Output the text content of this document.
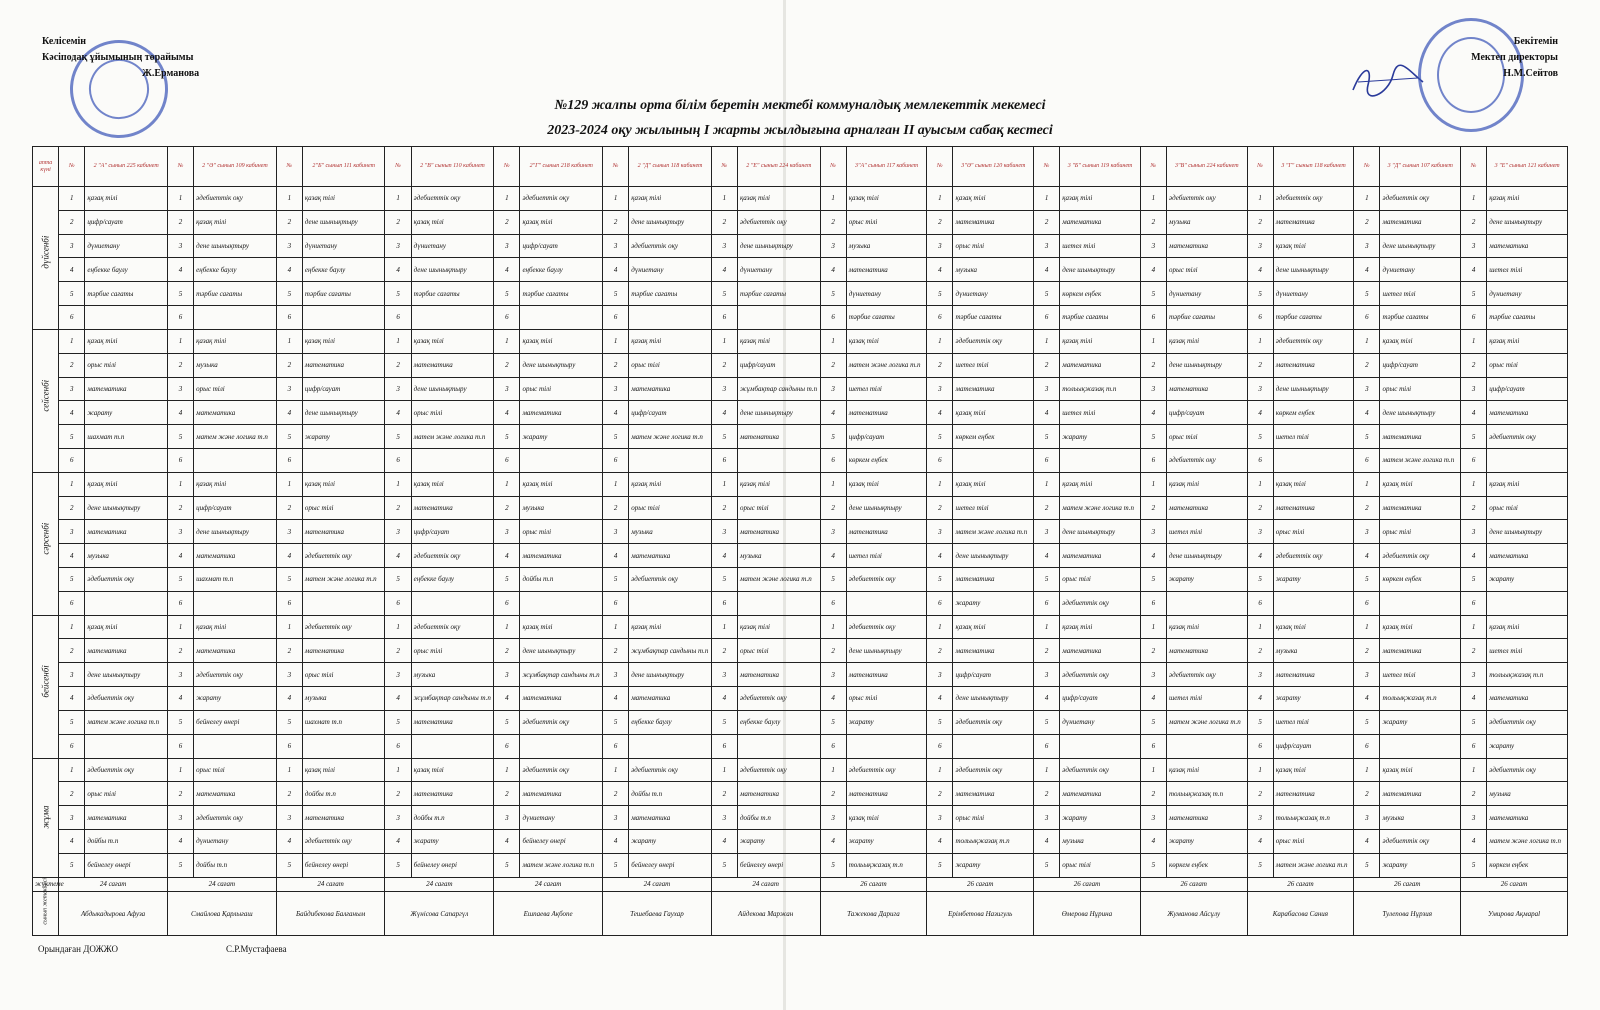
Келісемін
Кәсіподақ ұйымының төрайымы
Ж.Ерманова
Бекітемін
Мектеп директоры
Н.М.Сейтов
№129 жалпы орта білім беретін мектебі коммуналдық мемлекеттік мекемесі
2023-2024 оқу жылының I жарты жылдығына арналған II ауысым сабақ кестесі
апта күні	№	2 "А" сынып 225 кабинет	№	2 "Ә" сынып 109 кабинет	№	2"Б" сынып 111 кабинет	№	2 "В" сынып 110 кабинет	№	2"Г" сынып 218 кабинет	№	2 "Д" сынып 118 кабинет	№	2 "Е" сынып 224 кабинет	№	3"А" сынып 117 кабинет	№	3"Ә" сынып 120 кабинет	№	3 "Б" сынып 119 кабинет	№	3"В" сынып 224 кабинет	№	3 "Г" сынып 118 кабинет	№	3 "Д" сынып 107 кабинет	№	3 "Е" сынып 121 кабинет

дүйсенбі	1	қазақ тілі	1	әдебиеттік оқу	1	қазақ тілі	1	әдебиеттік оқу	1	әдебиеттік оқу	1	қазақ тілі	1	қазақ тілі	1	қазақ тілі	1	қазақ тілі	1	қазақ тілі	1	әдебиеттік оқу	1	әдебиеттік оқу	1	әдебиеттік оқу	1	қазақ тілі
	2	цифр/сауат	2	қазақ тілі	2	дене шынықтыру	2	қазақ тілі	2	қазақ тілі	2	дене шынықтыру	2	әдебиеттік оқу	2	орыс тілі	2	математика	2	математика	2	музыка	2	математика	2	математика	2	дене шынықтыру
	3	дүниетану	3	дене шынықтыру	3	дүниетану	3	дүниетану	3	цифр/сауат	3	әдебиеттік оқу	3	дене шынықтыру	3	музыка	3	орыс тілі	3	шетел тілі	3	математика	3	қазақ тілі	3	дене шынықтыру	3	математика
	4	еңбекке баулу	4	еңбекке баулу	4	еңбекке баулу	4	дене шынықтыру	4	еңбекке баулу	4	дүниетану	4	дүниетану	4	математика	4	музыка	4	дене шынықтыру	4	орыс тілі	4	дене шынықтыру	4	дүниетану	4	шетел тілі
	5	тәрбие сағаты	5	тәрбие сағаты	5	тәрбие сағаты	5	тәрбие сағаты	5	тәрбие сағаты	5	тәрбие сағаты	5	тәрбие сағаты	5	дүниетану	5	дүниетану	5	көркем еңбек	5	дүниетану	5	дүниетану	5	шетел тілі	5	дүниетану
	6		6		6		6		6		6		6		6	тәрбие сағаты	6	тәрбие сағаты	6	тәрбие сағаты	6	тәрбие сағаты	6	тәрбие сағаты	6	тәрбие сағаты	6	тәрбие сағаты

сейсенбі	1	қазақ тілі	1	қазақ тілі	1	қазақ тілі	1	қазақ тілі	1	қазақ тілі	1	қазақ тілі	1	қазақ тілі	1	қазақ тілі	1	әдебиеттік оқу	1	қазақ тілі	1	қазақ тілі	1	әдебиеттік оқу	1	қазақ тілі	1	қазақ тілі
	2	орыс тілі	2	музыка	2	математика	2	математика	2	дене шынықтыру	2	орыс тілі	2	цифр/сауат	2	матем және логика т.п	2	шетел тілі	2	математика	2	дене шынықтыру	2	математика	2	цифр/сауат	2	орыс тілі
	3	математика	3	орыс тілі	3	цифр/сауат	3	дене шынықтыру	3	орыс тілі	3	математика	3	жұмбақтар сандыны т.п	3	шетел тілі	3	математика	3	тольықжазақ т.п	3	математика	3	дене шынықтыру	3	орыс тілі	3	цифр/сауат
	4	жарату	4	математика	4	дене шынықтыру	4	орыс тілі	4	математика	4	цифр/сауат	4	дене шынықтыру	4	математика	4	қазақ тілі	4	шетел тілі	4	цифр/сауат	4	көркем еңбек	4	дене шынықтыру	4	математика
	5	шахмат т.п	5	матем және логика т.п	5	жарату	5	матем және логика т.п	5	жарату	5	матем және логика т.п	5	математика	5	цифр/сауат	5	көркем еңбек	5	жарату	5	орыс тілі	5	шетел тілі	5	математика	5	әдебиеттік оқу
	6		6		6		6		6		6		6		6	көркем еңбек	6		6		6	әдебиеттік оқу	6		6	матем және логика т.п	6	

сәрсенбі	1	қазақ тілі	1	қазақ тілі	1	қазақ тілі	1	қазақ тілі	1	қазақ тілі	1	қазақ тілі	1	қазақ тілі	1	қазақ тілі	1	қазақ тілі	1	қазақ тілі	1	қазақ тілі	1	қазақ тілі	1	қазақ тілі	1	қазақ тілі
	2	дене шынықтыру	2	цифр/сауат	2	орыс тілі	2	математика	2	музыка	2	орыс тілі	2	орыс тілі	2	дене шынықтыру	2	шетел тілі	2	матем және логика т.п	2	математика	2	математика	2	математика	2	орыс тілі
	3	математика	3	дене шынықтыру	3	математика	3	цифр/сауат	3	орыс тілі	3	музыка	3	математика	3	математика	3	матем және логика т.п	3	дене шынықтыру	3	шетел тілі	3	орыс тілі	3	орыс тілі	3	дене шынықтыру
	4	музыка	4	математика	4	әдебиеттік оқу	4	әдебиеттік оқу	4	математика	4	математика	4	музыка	4	шетел тілі	4	дене шынықтыру	4	математика	4	дене шынықтыру	4	әдебиеттік оқу	4	әдебиеттік оқу	4	математика
	5	әдебиеттік оқу	5	шахмат т.п	5	матем және логика т.п	5	еңбекке баулу	5	дойбы т.п	5	әдебиеттік оқу	5	матем және логика т.п	5	әдебиеттік оқу	5	математика	5	орыс тілі	5	жарату	5	жарату	5	көркем еңбек	5	жарату
	6		6		6		6		6		6		6		6		6	жарату	6	әдебиеттік оқу	6		6		6		6	

бейсенбі	1	қазақ тілі	1	қазақ тілі	1	әдебиеттік оқу	1	әдебиеттік оқу	1	қазақ тілі	1	қазақ тілі	1	қазақ тілі	1	әдебиеттік оқу	1	қазақ тілі	1	қазақ тілі	1	қазақ тілі	1	қазақ тілі	1	қазақ тілі	1	қазақ тілі
	2	математика	2	математика	2	математика	2	орыс тілі	2	дене шынықтыру	2	жұмбақтар сандыны т.п	2	орыс тілі	2	дене шынықтыру	2	математика	2	математика	2	математика	2	музыка	2	математика	2	шетел тілі
	3	дене шынықтыру	3	әдебиеттік оқу	3	орыс тілі	3	музыка	3	жұмбақтар сандыны т.п	3	дене шынықтыру	3	математика	3	математика	3	цифр/сауат	3	әдебиеттік оқу	3	әдебиеттік оқу	3	математика	3	шетел тілі	3	тольықжазақ т.п
	4	әдебиеттік оқу	4	жарату	4	музыка	4	жұмбақтар сандыны т.п	4	математика	4	математика	4	әдебиеттік оқу	4	орыс тілі	4	дене шынықтыру	4	цифр/сауат	4	шетел тілі	4	жарату	4	тольықжазақ т.п	4	математика
	5	матем және логика т.п	5	бейнелеу өнері	5	шахмат т.п	5	математика	5	әдебиеттік оқу	5	еңбекке баулу	5	еңбекке баулу	5	жарату	5	әдебиеттік оқу	5	дүниетану	5	матем және логика т.п	5	шетел тілі	5	жарату	5	әдебиеттік оқу
	6		6		6		6		6		6		6		6		6		6		6		6	цифр/сауат	6		6	жарату

жұма	1	әдебиеттік оқу	1	орыс тілі	1	қазақ тілі	1	қазақ тілі	1	әдебиеттік оқу	1	әдебиеттік оқу	1	әдебиеттік оқу	1	әдебиеттік оқу	1	әдебиеттік оқу	1	әдебиеттік оқу	1	қазақ тілі	1	қазақ тілі	1	қазақ тілі	1	әдебиеттік оқу
	2	орыс тілі	2	математика	2	дойбы т.п	2	математика	2	математика	2	дойбы т.п	2	математика	2	математика	2	математика	2	математика	2	тольықжазақ т.п	2	математика	2	математика	2	музыка
	3	математика	3	әдебиеттік оқу	3	математика	3	дойбы т.п	3	дүниетану	3	математика	3	дойбы т.п	3	қазақ тілі	3	орыс тілі	3	жарату	3	математика	3	тольықжазақ т.п	3	музыка	3	математика
	4	дойбы т.п	4	дүниетану	4	әдебиеттік оқу	4	жарату	4	бейнелеу өнері	4	жарату	4	жарату	4	жарату	4	тольықжазақ т.п	4	музыка	4	жарату	4	орыс тілі	4	әдебиеттік оқу	4	матем және логика т.п
	5	бейнелеу өнері	5	дойбы т.п	5	бейнелеу өнері	5	бейнелеу өнері	5	матем және логика т.п	5	бейнелеу өнері	5	бейнелеу өнері	5	тольықжазақ т.п	5	жарату	5	орыс тілі	5	көркем еңбек	5	матем және логика т.п	5	жарату	5	көркем еңбек
жүктеме	24 сағат		24 сағат		24 сағат		24 сағат		24 сағат		24 сағат		24 сағат		26 сағат		26 сағат		26 сағат		26 сағат		26 сағат		26 сағат		26 сағат	

сынып жетекшісі	Абдыкадырова Афуза		Смайлова Қарлығаш		Байдибекова Балғаным		Жүнісова Сапаргүл		Ешпаева Ақбопе		Тешебаева Гаухар		Айдекова Маржан		Тажекова Дарига		Ерімбетова Назигуль		Өмерова Нұрина		Жуманова Айсұлу		Карабасова Сания		Тулепова Нұрзия		Умирова Ақмараl	
Орындаған ДОЖЖО	С.Р.Мустафаева
